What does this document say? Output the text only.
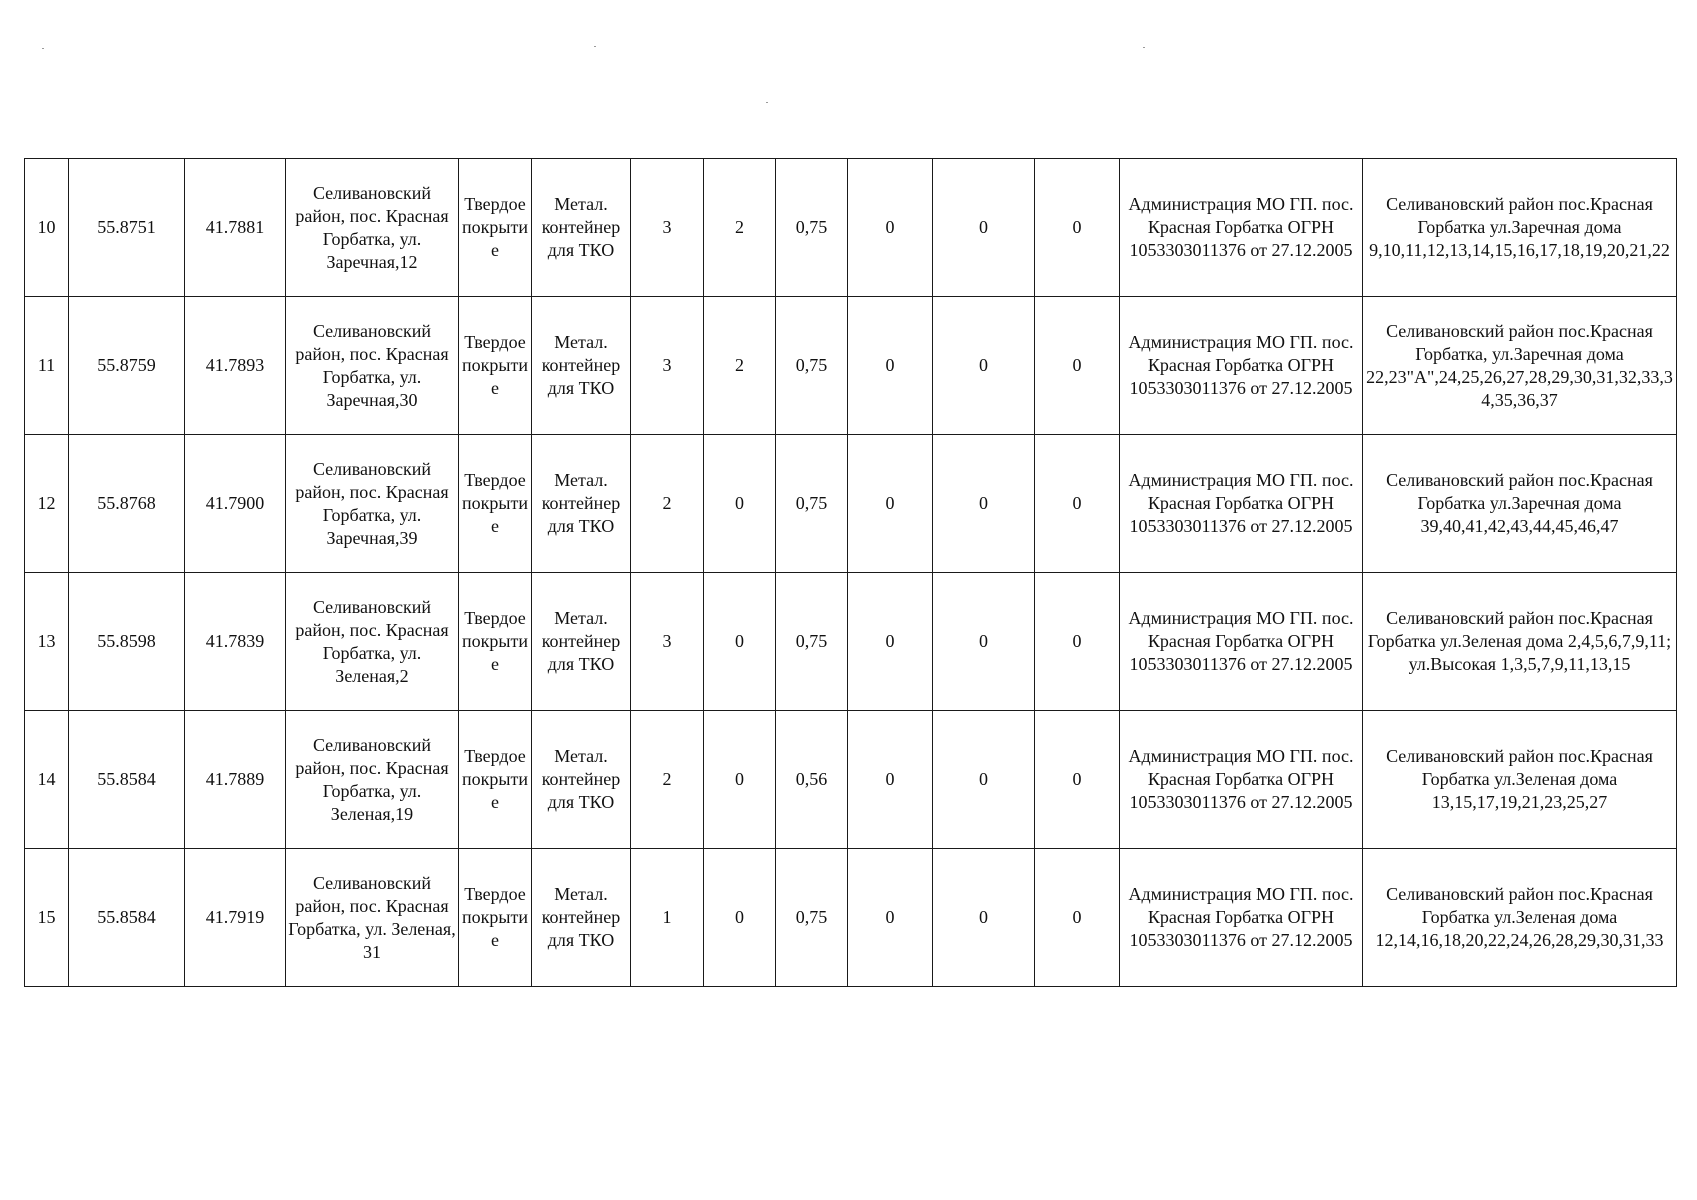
10	55.8751	41.7881	Селивановский район, пос. Красная Горбатка, ул. Заречная,12	Твердое покрытие	Метал. контейнер для ТКО	3	2	0,75	0	0	0	Администрация МО ГП. пос. Красная Горбатка ОГРН 1053303011376 от 27.12.2005	Селивановский район пос.Красная Горбатка ул.Заречная дома 9,10,11,12,13,14,15,16,17,18,19,20,21,22
11	55.8759	41.7893	Селивановский район, пос. Красная Горбатка, ул. Заречная,30	Твердое покрытие	Метал. контейнер для ТКО	3	2	0,75	0	0	0	Администрация МО ГП. пос. Красная Горбатка ОГРН 1053303011376 от 27.12.2005	Селивановский район пос.Красная Горбатка, ул.Заречная дома 22,23"А",24,25,26,27,28,29,30,31,32,33,34,35,36,37
12	55.8768	41.7900	Селивановский район, пос. Красная Горбатка, ул. Заречная,39	Твердое покрытие	Метал. контейнер для ТКО	2	0	0,75	0	0	0	Администрация МО ГП. пос. Красная Горбатка ОГРН 1053303011376 от 27.12.2005	Селивановский район пос.Красная Горбатка ул.Заречная дома 39,40,41,42,43,44,45,46,47
13	55.8598	41.7839	Селивановский район, пос. Красная Горбатка, ул. Зеленая,2	Твердое покрытие	Метал. контейнер для ТКО	3	0	0,75	0	0	0	Администрация МО ГП. пос. Красная Горбатка ОГРН 1053303011376 от 27.12.2005	Селивановский район пос.Красная Горбатка ул.Зеленая дома 2,4,5,6,7,9,11; ул.Высокая 1,3,5,7,9,11,13,15
14	55.8584	41.7889	Селивановский район, пос. Красная Горбатка, ул. Зеленая,19	Твердое покрытие	Метал. контейнер для ТКО	2	0	0,56	0	0	0	Администрация МО ГП. пос. Красная Горбатка ОГРН 1053303011376 от 27.12.2005	Селивановский район пос.Красная Горбатка ул.Зеленая дома 13,15,17,19,21,23,25,27
15	55.8584	41.7919	Селивановский район, пос. Красная Горбатка, ул. Зеленая, 31	Твердое покрытие	Метал. контейнер для ТКО	1	0	0,75	0	0	0	Администрация МО ГП. пос. Красная Горбатка ОГРН 1053303011376 от 27.12.2005	Селивановский район пос.Красная Горбатка ул.Зеленая дома 12,14,16,18,20,22,24,26,28,29,30,31,33
